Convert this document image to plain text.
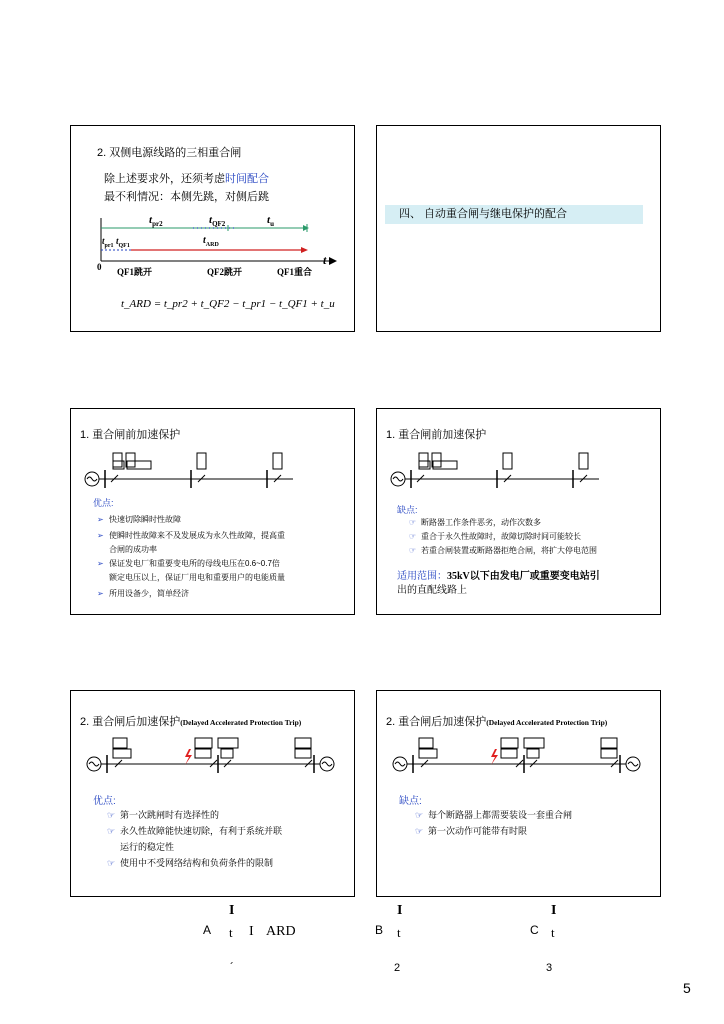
2. 双侧电源线路的三相重合闸
除上述要求外，还须考虑时间配合
最不利情况：本侧先跳，对侧后跳
$t_{pr2}$	$t_{QF2}$	$t_u$
$t_{pr1}$ $t_{QF1}$	$t_{ARD}$
0	t
QF1跳开	QF2跳开	QF1重合
t_ARD = t_pr2 + t_QF2 − t_pr1 − t_QF1 + t_u
四、 自动重合闸与继电保护的配合
1. 重合闸前加速保护
优点:
➢ 快速切除瞬时性故障
➢ 使瞬时性故障来不及发展成为永久性故障，提高重
合闸的成功率
➢ 保证发电厂和重要变电所的母线电压在0.6~0.7倍
额定电压以上，保证厂用电和重要用户的电能质量
➢ 所用设备少，简单经济
1. 重合闸前加速保护
缺点:
☞ 断路器工作条件恶劣，动作次数多
☞ 重合于永久性故障时，故障切除时间可能较长
☞ 若重合闸装置或断路器拒绝合闸，将扩大停电范围
适用范围：35kV以下由发电厂或重要变电站引
出的直配线路上
2. 重合闸后加速保护(Delayed Accelerated Protection Trip)
优点:
☞ 第一次跳闸时有选择性的
☞ 永久性故障能快速切除，有利于系统并联
运行的稳定性
☞ 使用中不受网络结构和负荷条件的限制
2. 重合闸后加速保护(Delayed Accelerated Protection Trip)
缺点:
☞ 每个断路器上都需要装设一套重合闸
☞ 第一次动作可能带有时限
I
A t I ARD
I
B t
I
C t
´	2	3
5
